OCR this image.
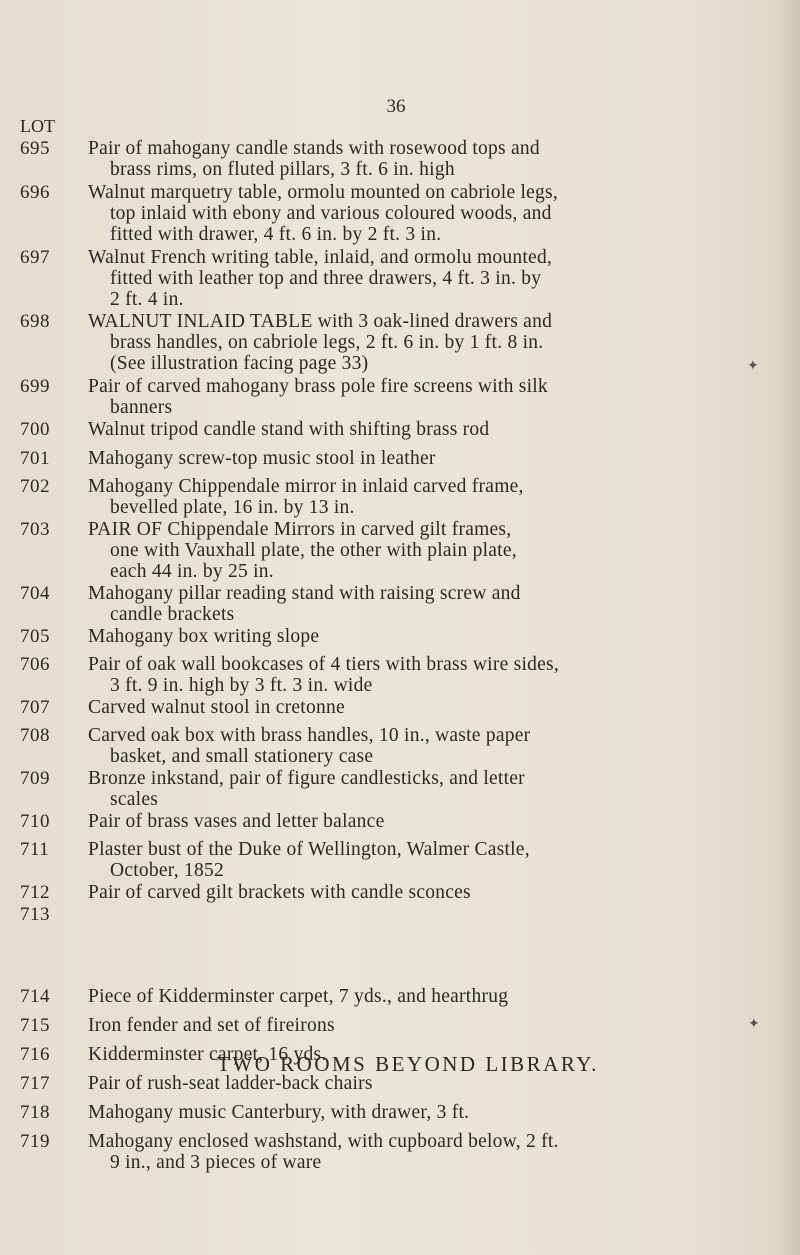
36
LOT
695 Pair of mahogany candle stands with rosewood tops and
brass rims, on fluted pillars, 3 ft. 6 in. high
696 Walnut marquetry table, ormolu mounted on cabriole legs,
top inlaid with ebony and various coloured woods, and
fitted with drawer, 4 ft. 6 in. by 2 ft. 3 in.
697 Walnut French writing table, inlaid, and ormolu mounted,
fitted with leather top and three drawers, 4 ft. 3 in. by
2 ft. 4 in.
698 WALNUT INLAID TABLE with 3 oak-lined drawers and
brass handles, on cabriole legs, 2 ft. 6 in. by 1 ft. 8 in.
(See illustration facing page 33)
699 Pair of carved mahogany brass pole fire screens with silk
banners
700 Walnut tripod candle stand with shifting brass rod
701 Mahogany screw-top music stool in leather
702 Mahogany Chippendale mirror in inlaid carved frame,
bevelled plate, 16 in. by 13 in.
703 PAIR OF Chippendale Mirrors in carved gilt frames,
one with Vauxhall plate, the other with plain plate,
each 44 in. by 25 in.
704 Mahogany pillar reading stand with raising screw and
candle brackets
705 Mahogany box writing slope
706 Pair of oak wall bookcases of 4 tiers with brass wire sides,
3 ft. 9 in. high by 3 ft. 3 in. wide
707 Carved walnut stool in cretonne
708 Carved oak box with brass handles, 10 in., waste paper
basket, and small stationery case
709 Bronze inkstand, pair of figure candlesticks, and letter
scales
710 Pair of brass vases and letter balance
711 Plaster bust of the Duke of Wellington, Walmer Castle,
October, 1852
712 Pair of carved gilt brackets with candle sconces
713
714 Piece of Kidderminster carpet, 7 yds., and hearthrug
715 Iron fender and set of fireirons
716 Kidderminster carpet, 16 yds.
717 Pair of rush-seat ladder-back chairs
718 Mahogany music Canterbury, with drawer, 3 ft.
719 Mahogany enclosed washstand, with cupboard below, 2 ft.
9 in., and 3 pieces of ware
TWO ROOMS BEYOND LIBRARY.
✦
✦
